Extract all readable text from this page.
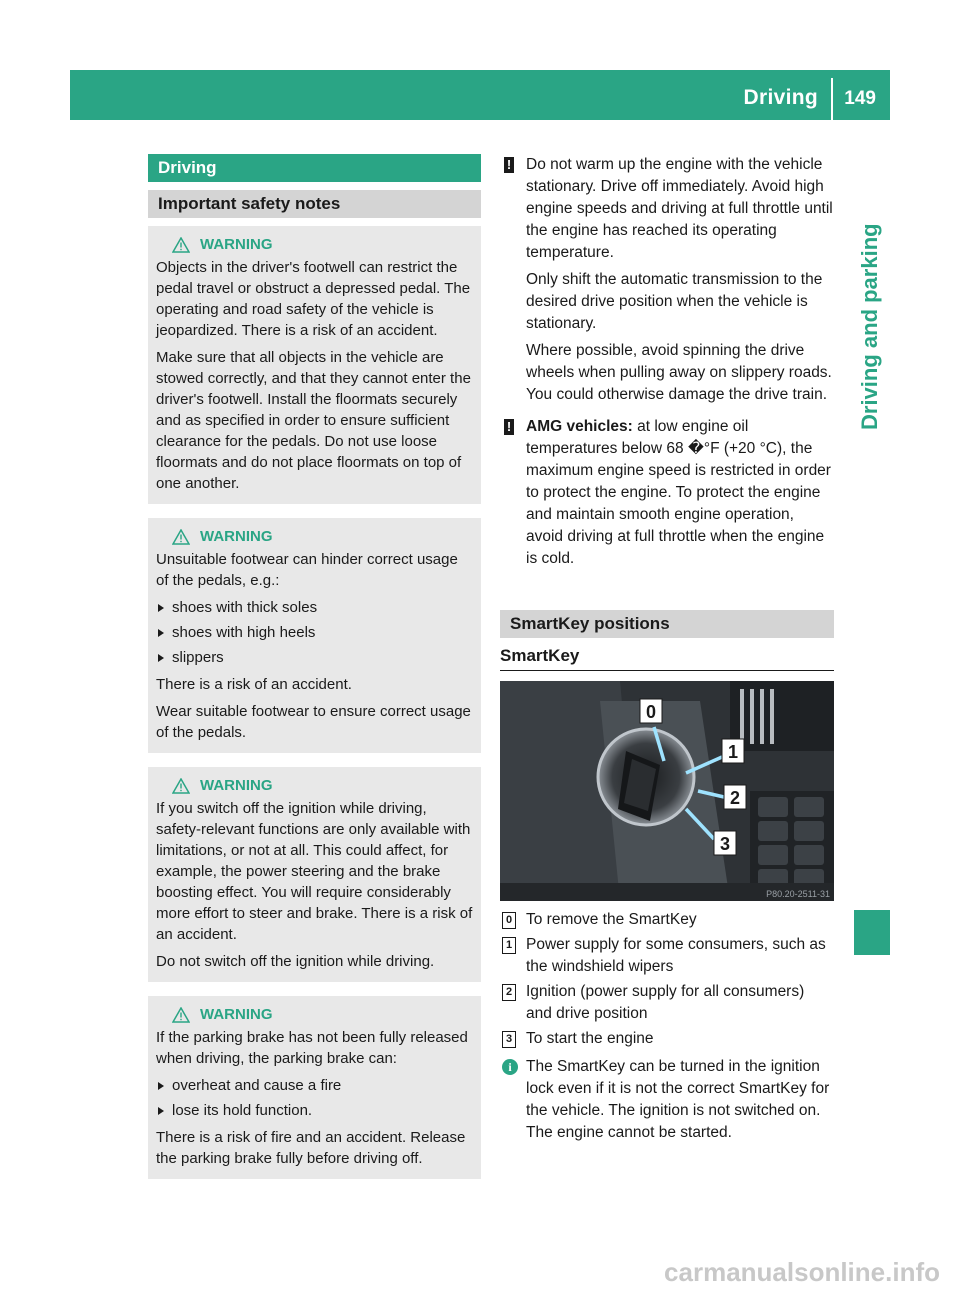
Driving 149
Driving and parking
Driving
Important safety notes
WARNING

Objects in the driver's footwell can restrict the pedal travel or obstruct a depressed pedal. The operating and road safety of the vehicle is jeopardized. There is a risk of an accident.

Make sure that all objects in the vehicle are stowed correctly, and that they cannot enter the driver's footwell. Install the floormats securely and as specified in order to ensure sufficient clearance for the pedals. Do not use loose floormats and do not place floormats on top of one another.

WARNING

Unsuitable footwear can hinder correct usage of the pedals, e.g.:

shoes with thick soles
shoes with high heels
slippers

There is a risk of an accident.

Wear suitable footwear to ensure correct usage of the pedals.

WARNING

If you switch off the ignition while driving, safety-relevant functions are only available with limitations, or not at all. This could affect, for example, the power steering and the brake boosting effect. You will require considerably more effort to steer and brake. There is a risk of an accident.

Do not switch off the ignition while driving.

WARNING

If the parking brake has not been fully released when driving, the parking brake can:

overheat and cause a fire
lose its hold function.

There is a risk of fire and an accident. Release the parking brake fully before driving off.

! Do not warm up the engine with the vehicle stationary. Drive off immediately. Avoid high engine speeds and driving at full throttle until the engine has reached its operating temperature.

Only shift the automatic transmission to the desired drive position when the vehicle is stationary.

Where possible, avoid spinning the drive wheels when pulling away on slippery roads. You could otherwise damage the drive train.

! AMG vehicles: at low engine oil temperatures below 68 �°F (+20 °C), the maximum engine speed is restricted in order to protect the engine. To protect the engine and maintain smooth engine operation, avoid driving at full throttle when the engine is cold.

SmartKey positions
SmartKey
0
1
2
3
P80.20-2511-31
0 To remove the SmartKey
1 Power supply for some consumers, such as the windshield wipers
2 Ignition (power supply for all consumers) and drive position
3 To start the engine
i The SmartKey can be turned in the ignition lock even if it is not the correct SmartKey for the vehicle. The ignition is not switched on. The engine cannot be started.

carmanualsonline.info
